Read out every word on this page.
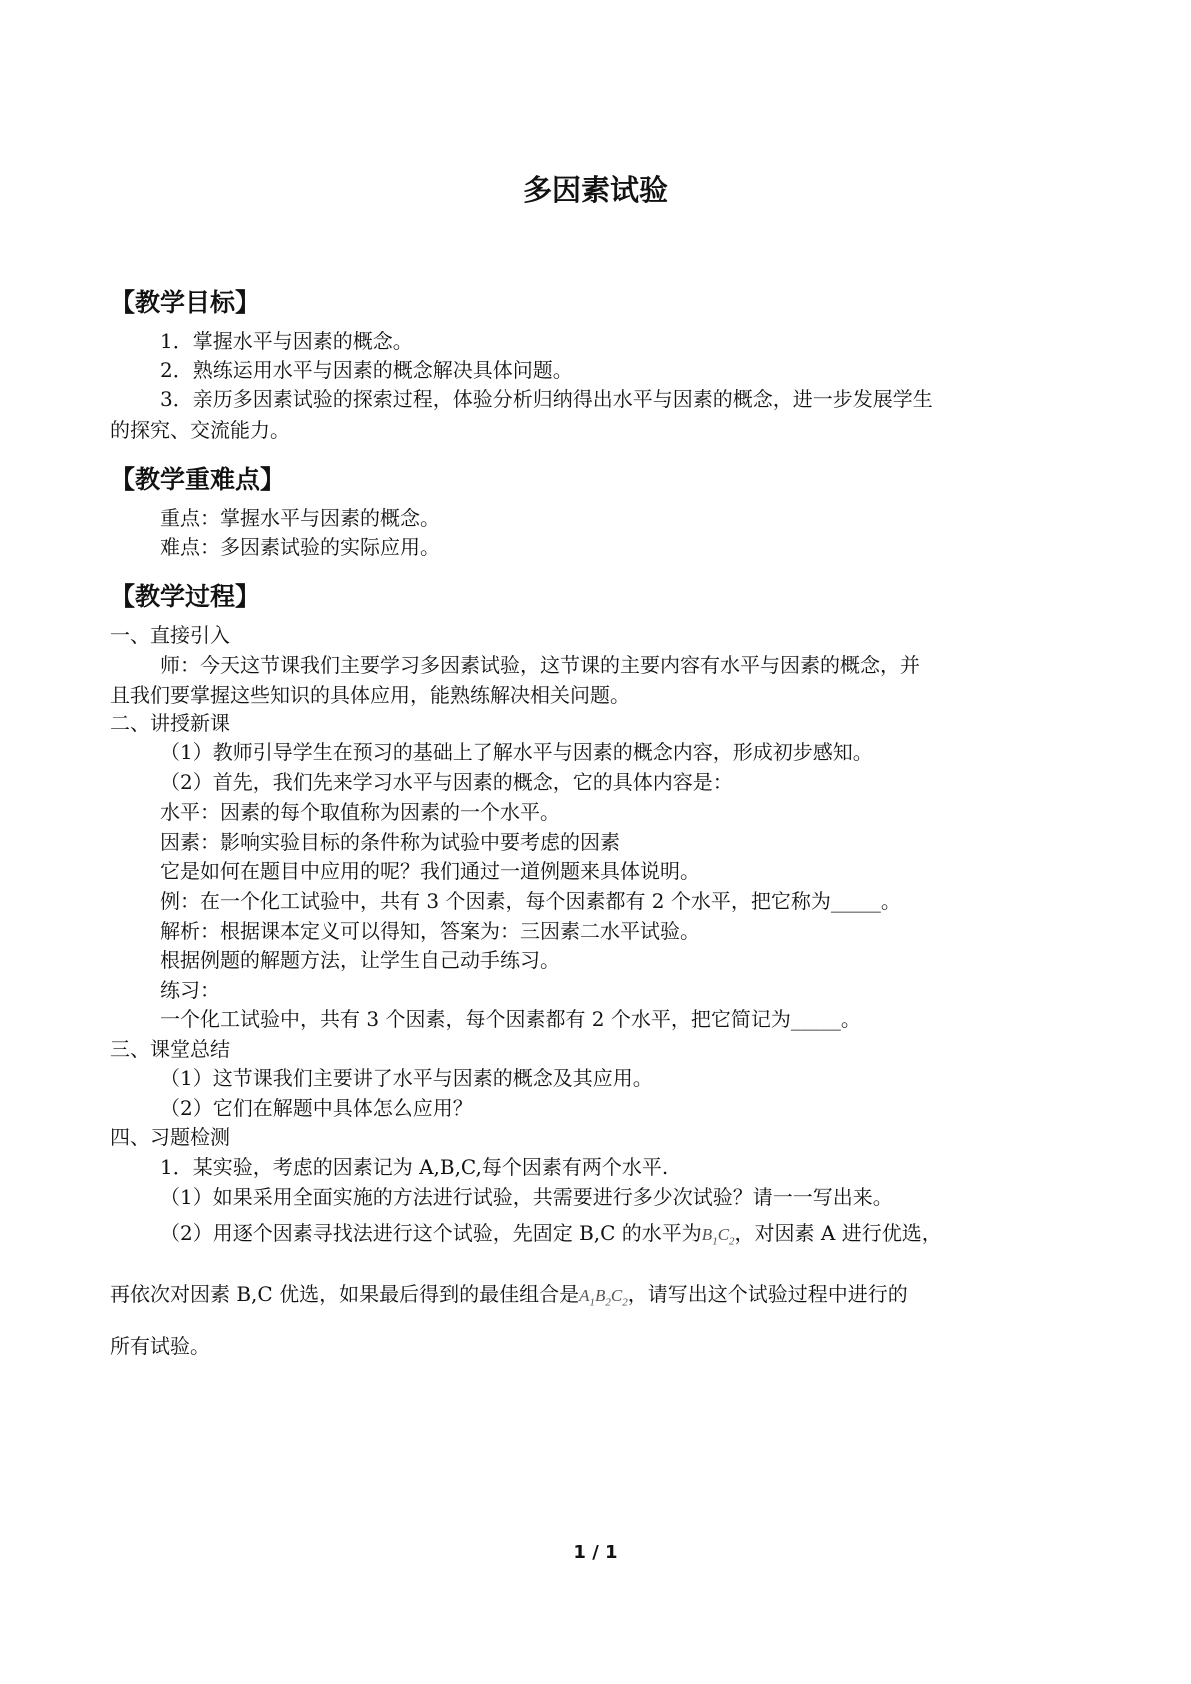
多因素试验
【教学目标】
1．掌握水平与因素的概念。
2．熟练运用水平与因素的概念解决具体问题。
3．亲历多因素试验的探索过程，体验分析归纳得出水平与因素的概念，进一步发展学生
的探究、交流能力。
【教学重难点】
重点：掌握水平与因素的概念。
难点：多因素试验的实际应用。
【教学过程】
一、直接引入
师：今天这节课我们主要学习多因素试验，这节课的主要内容有水平与因素的概念，并
且我们要掌握这些知识的具体应用，能熟练解决相关问题。
二、讲授新课
（1）教师引导学生在预习的基础上了解水平与因素的概念内容，形成初步感知。
（2）首先，我们先来学习水平与因素的概念，它的具体内容是：
水平：因素的每个取值称为因素的一个水平。
因素：影响实验目标的条件称为试验中要考虑的因素
它是如何在题目中应用的呢？我们通过一道例题来具体说明。
例：在一个化工试验中，共有 3 个因素，每个因素都有 2 个水平，把它称为_____。
解析：根据课本定义可以得知，答案为：三因素二水平试验。
根据例题的解题方法，让学生自己动手练习。
练习：
一个化工试验中，共有 3 个因素，每个因素都有 2 个水平，把它简记为_____。
三、课堂总结
（1）这节课我们主要讲了水平与因素的概念及其应用。
（2）它们在解题中具体怎么应用？
四、习题检测
1．某实验，考虑的因素记为 A,B,C,每个因素有两个水平.
（1）如果采用全面实施的方法进行试验，共需要进行多少次试验？请一一写出来。
（2）用逐个因素寻找法进行这个试验，先固定 B,C 的水平为$B_1C_2$，对因素 A 进行优选，
再依次对因素 B,C 优选，如果最后得到的最佳组合是$A_1B_2C_2$，请写出这个试验过程中进行的
所有试验。
1 / 1
